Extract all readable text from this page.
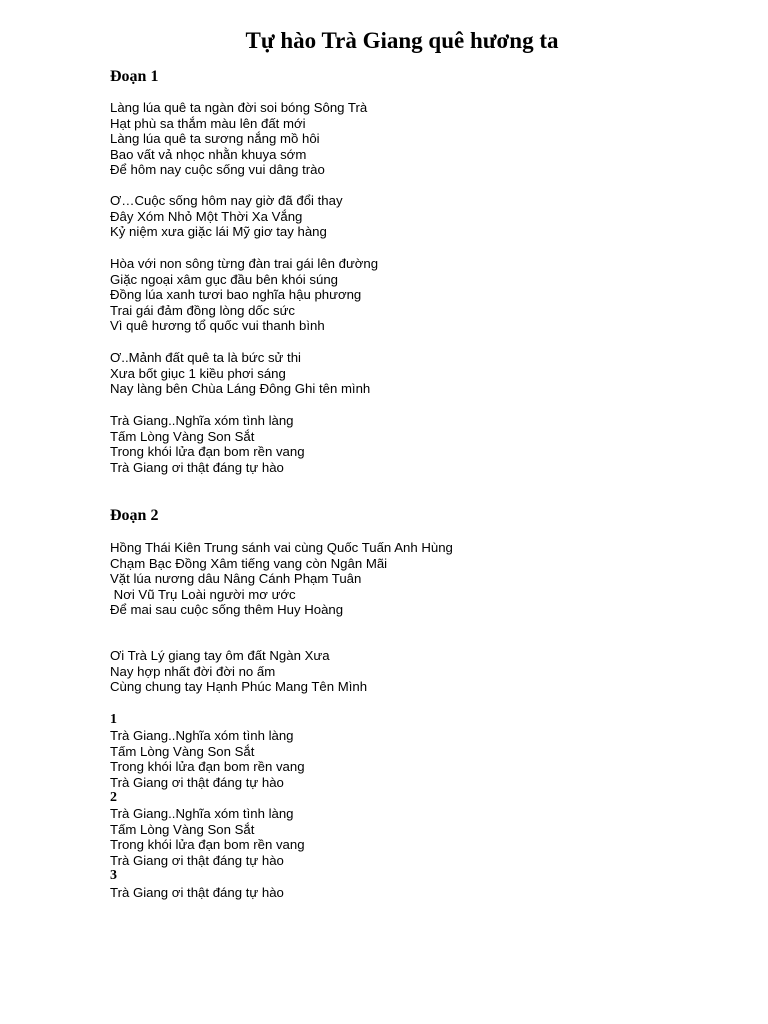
Tự hào Trà Giang quê hương ta
Đoạn 1
Làng lúa quê ta ngàn đời soi bóng Sông Trà
Hạt phù sa thắm màu lên đất mới
Làng lúa quê ta sương nắng mồ hôi
Bao vất vả nhọc nhằn khuya sớm
Để hôm nay cuộc sống vui dâng trào
Ơ…Cuộc sống hôm nay giờ đã đổi thay
Đây Xóm Nhỏ Một Thời Xa Vắng
Kỷ niệm xưa giặc lái Mỹ giơ tay hàng
Hòa với non sông từng đàn trai gái lên đường
Giặc ngoại xâm gục đầu bên khói súng
Đồng lúa xanh tươi bao nghĩa hậu phương
Trai gái đảm đồng lòng dốc sức
Vì quê hương tổ quốc vui thanh bình
Ơ..Mảnh đất quê ta là bức sử thi
Xưa bốt giục 1 kiều phơi sáng
Nay làng bên Chùa Láng Đông Ghi tên mình
Trà Giang..Nghĩa xóm tình làng
Tấm Lòng Vàng Son Sắt
Trong khói lửa đạn bom rền vang
Trà Giang ơi thật đáng tự hào
Đoạn 2
Hồng Thái Kiên Trung sánh vai cùng Quốc Tuấn Anh Hùng
Chạm Bạc Đồng Xâm tiếng vang còn Ngân Mãi
Vặt lúa nương dâu Nâng Cánh Phạm Tuân
Nơi Vũ Trụ Loài người mơ ước
Để mai sau cuộc sống thêm Huy Hoàng
Ơi Trà Lý giang tay ôm đất Ngàn Xưa
Nay hợp nhất đời đời no ấm
Cùng chung tay Hạnh Phúc Mang Tên Mình
1
Trà Giang..Nghĩa xóm tình làng
Tấm Lòng Vàng Son Sắt
Trong khói lửa đạn bom rền vang
Trà Giang ơi thật đáng tự hào
2
Trà Giang..Nghĩa xóm tình làng
Tấm Lòng Vàng Son Sắt
Trong khói lửa đạn bom rền vang
Trà Giang ơi thật đáng tự hào
3
Trà Giang ơi thật đáng tự hào
